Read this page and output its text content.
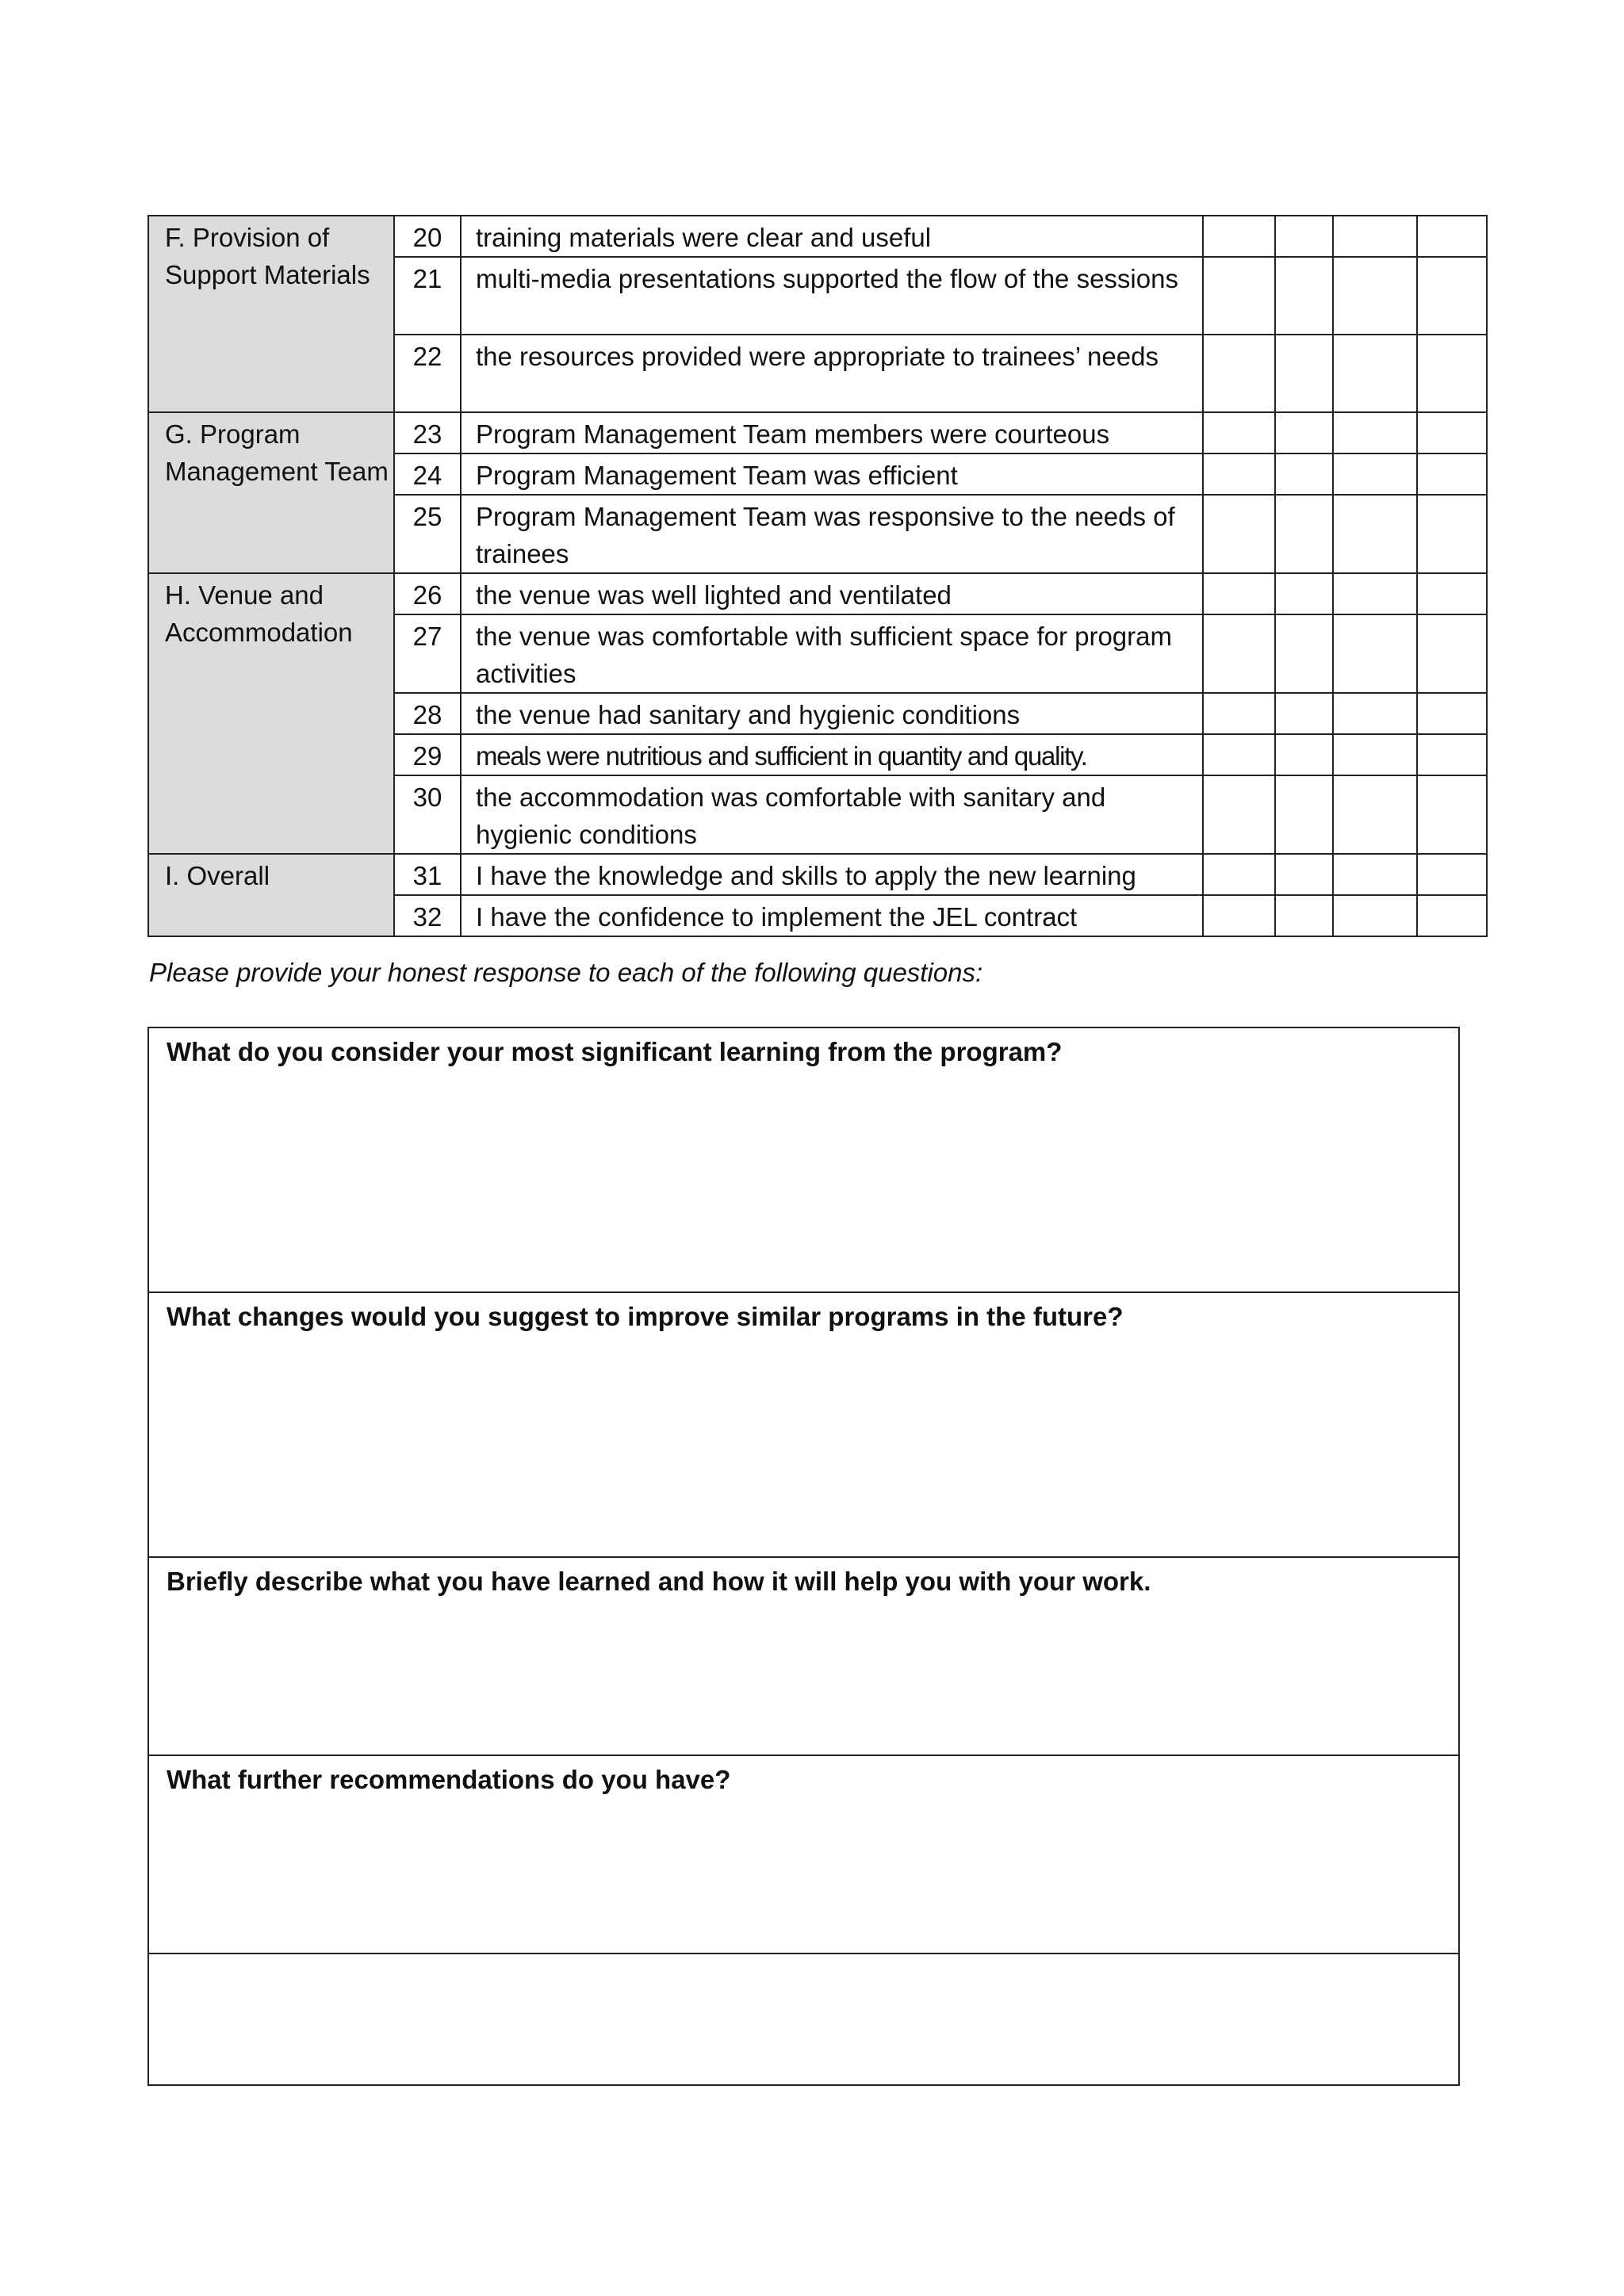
F. Provision of Support Materials	20	training materials were clear and useful				
	21	multi-media presentations supported the flow of the sessions				
	22	the resources provided were appropriate to trainees’ needs				
G. Program Management Team	23	Program Management Team members were courteous				
	24	Program Management Team was efficient				
	25	Program Management Team was responsive to the needs of trainees				
H. Venue and Accommodation	26	the venue was well lighted and ventilated				
	27	the venue was comfortable with sufficient space for program activities				
	28	the venue had sanitary and hygienic conditions				
	29	meals were nutritious and sufficient in quantity and quality.				
	30	the accommodation was comfortable with sanitary and hygienic conditions				
I. Overall	31	I have the knowledge and skills to apply the new learning				
	32	I have the confidence to implement the JEL contract				

Please provide your honest response to each of the following questions:

What do you consider your most significant learning from the program?
What changes would you suggest to improve similar programs in the future?
Briefly describe what you have learned and how it will help you with your work.
What further recommendations do you have?
